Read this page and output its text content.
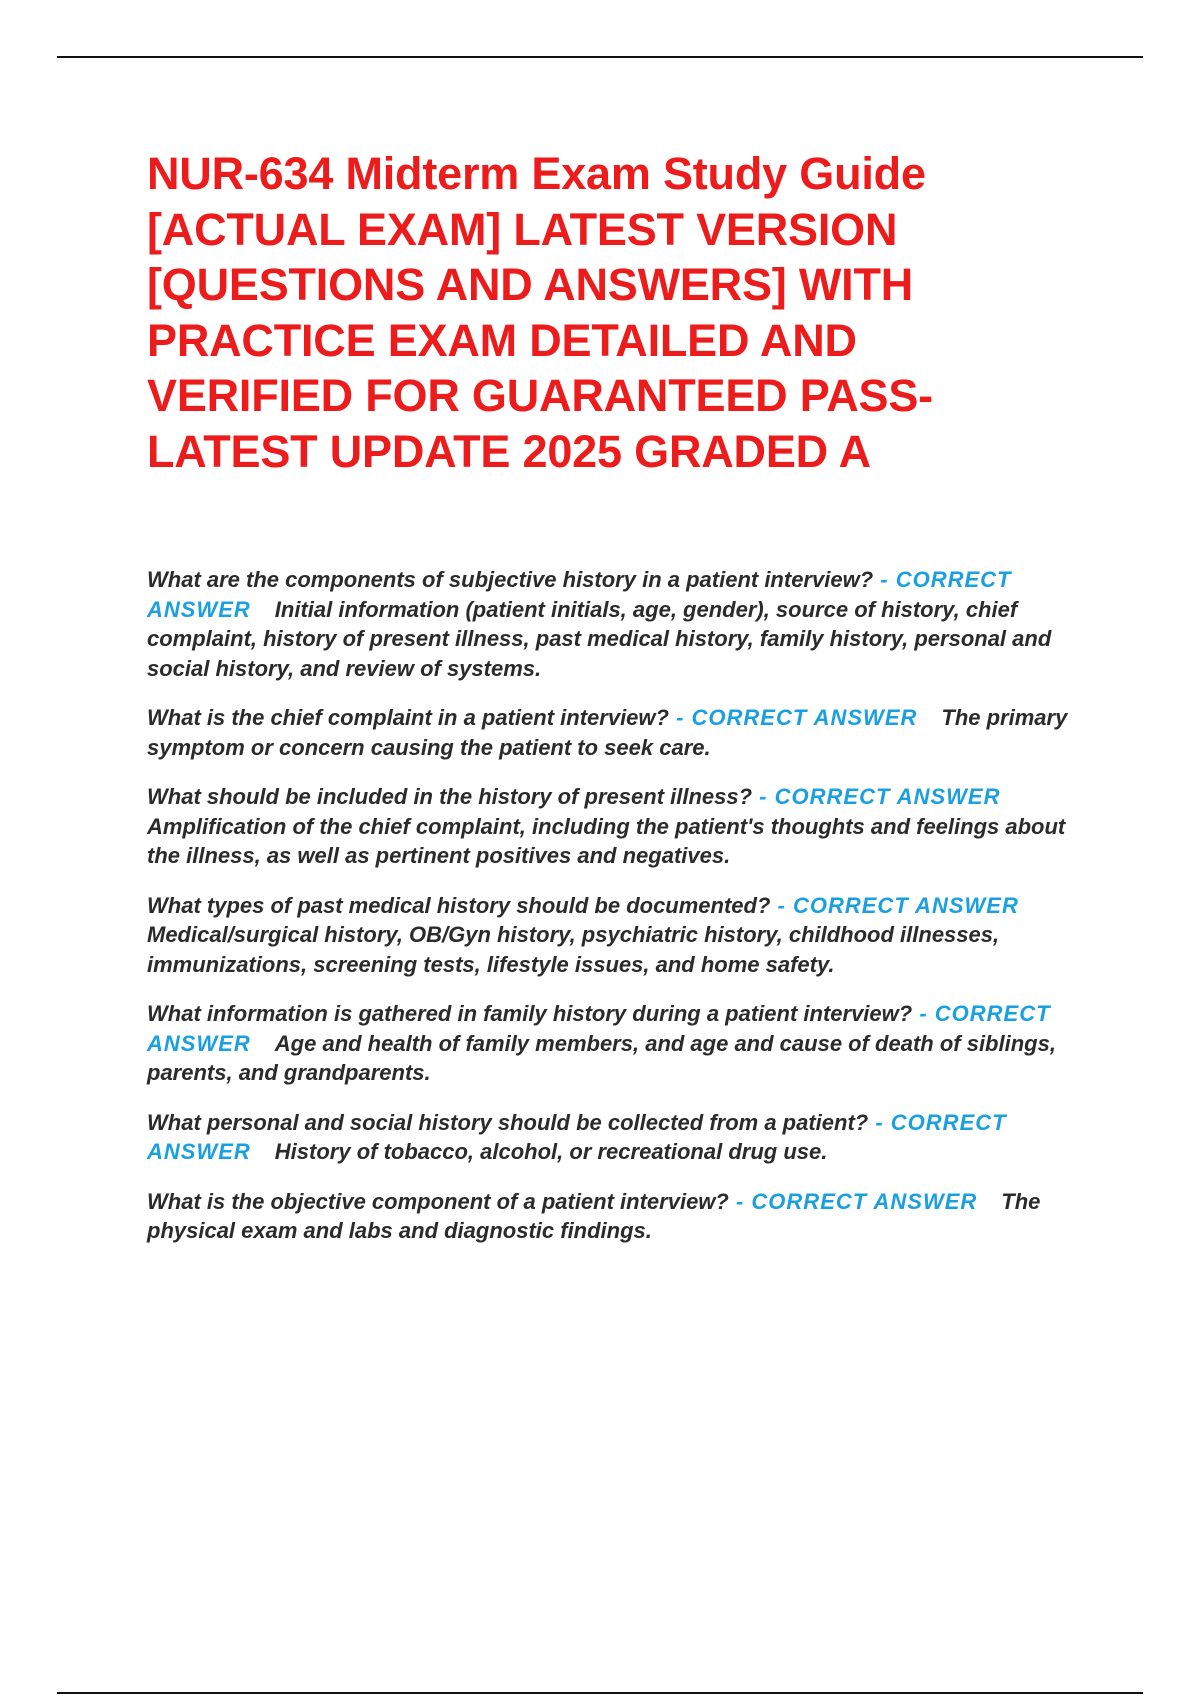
NUR-634 Midterm Exam Study Guide [ACTUAL EXAM] LATEST VERSION [QUESTIONS AND ANSWERS] WITH PRACTICE EXAM DETAILED AND VERIFIED FOR GUARANTEED PASS-LATEST UPDATE 2025 GRADED A

What are the components of subjective history in a patient interview? - CORRECT ANSWER Initial information (patient initials, age, gender), source of history, chief complaint, history of present illness, past medical history, family history, personal and social history, and review of systems.

What is the chief complaint in a patient interview? - CORRECT ANSWER The primary symptom or concern causing the patient to seek care.

What should be included in the history of present illness? - CORRECT ANSWERAmplification of the chief complaint, including the patient's thoughts and feelings about the illness, as well as pertinent positives and negatives.

What types of past medical history should be documented? - CORRECT ANSWERMedical/surgical history, OB/Gyn history, psychiatric history, childhood illnesses, immunizations, screening tests, lifestyle issues, and home safety.

What information is gathered in family history during a patient interview? - CORRECT ANSWER Age and health of family members, and age and cause of death of siblings, parents, and grandparents.

What personal and social history should be collected from a patient? - CORRECT ANSWER History of tobacco, alcohol, or recreational drug use.

What is the objective component of a patient interview? - CORRECT ANSWER The physical exam and labs and diagnostic findings.
